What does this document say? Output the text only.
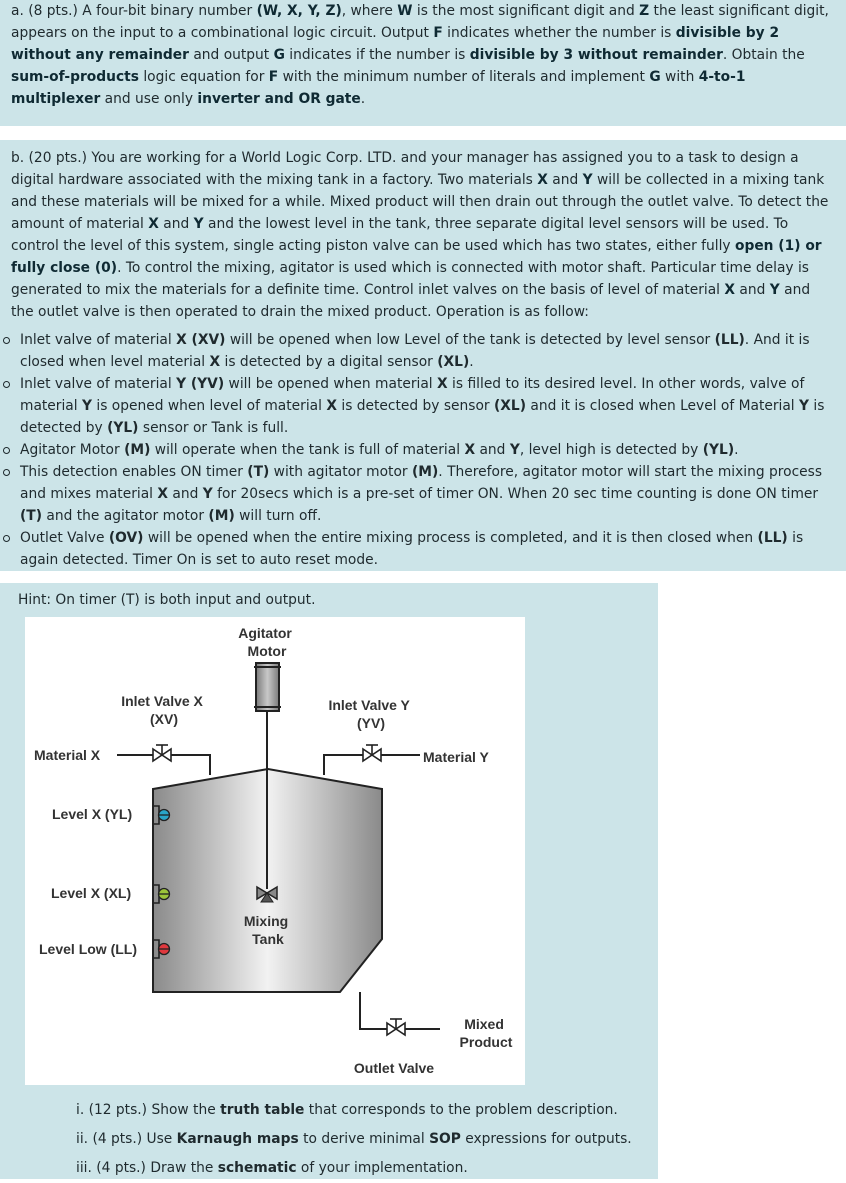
a. (8 pts.) A four-bit binary number (W, X, Y, Z), where W is the most significant digit and Z the least significant digit, appears on the input to a combinational logic circuit. Output F indicates whether the number is divisible by 2 without any remainder and output G indicates if the number is divisible by 3 without remainder. Obtain the sum-of-products logic equation for F with the minimum number of literals and implement G with 4-to-1 multiplexer and use only inverter and OR gate.

b. (20 pts.) You are working for a World Logic Corp. LTD. and your manager has assigned you to a task to design a digital hardware associated with the mixing tank in a factory. Two materials X and Y will be collected in a mixing tank and these materials will be mixed for a while. Mixed product will then drain out through the outlet valve. To detect the amount of material X and Y and the lowest level in the tank, three separate digital level sensors will be used. To control the level of this system, single acting piston valve can be used which has two states, either fully open (1) or fully close (0). To control the mixing, agitator is used which is connected with motor shaft. Particular time delay is generated to mix the materials for a definite time. Control inlet valves on the basis of level of material X and Y and the outlet valve is then operated to drain the mixed product. Operation is as follow:

Inlet valve of material X (XV) will be opened when low Level of the tank is detected by level sensor (LL). And it is closed when level material X is detected by a digital sensor (XL).
Inlet valve of material Y (YV) will be opened when material X is filled to its desired level. In other words, valve of material Y is opened when level of material X is detected by sensor (XL) and it is closed when Level of Material Y is detected by (YL) sensor or Tank is full.
Agitator Motor (M) will operate when the tank is full of material X and Y, level high is detected by (YL).
This detection enables ON timer (T) with agitator motor (M). Therefore, agitator motor will start the mixing process and mixes material X and Y for 20secs which is a pre-set of timer ON. When 20 sec time counting is done ON timer (T) and the agitator motor (M) will turn off.
Outlet Valve (OV) will be opened when the entire mixing process is completed, and it is then closed when (LL) is again detected. Timer On is set to auto reset mode.
Hint: On timer (T) is both input and output.
Agitator Motor
Inlet Valve X (XV)
Inlet Valve Y (YV)
Material X	Material Y
Level X (YL)
Level X (XL)
Level Low (LL)
Mixing Tank
Mixed Product
Outlet Valve
i. (12 pts.) Show the truth table that corresponds to the problem description.
ii. (4 pts.) Use Karnaugh maps to derive minimal SOP expressions for outputs.
iii. (4 pts.) Draw the schematic of your implementation.
